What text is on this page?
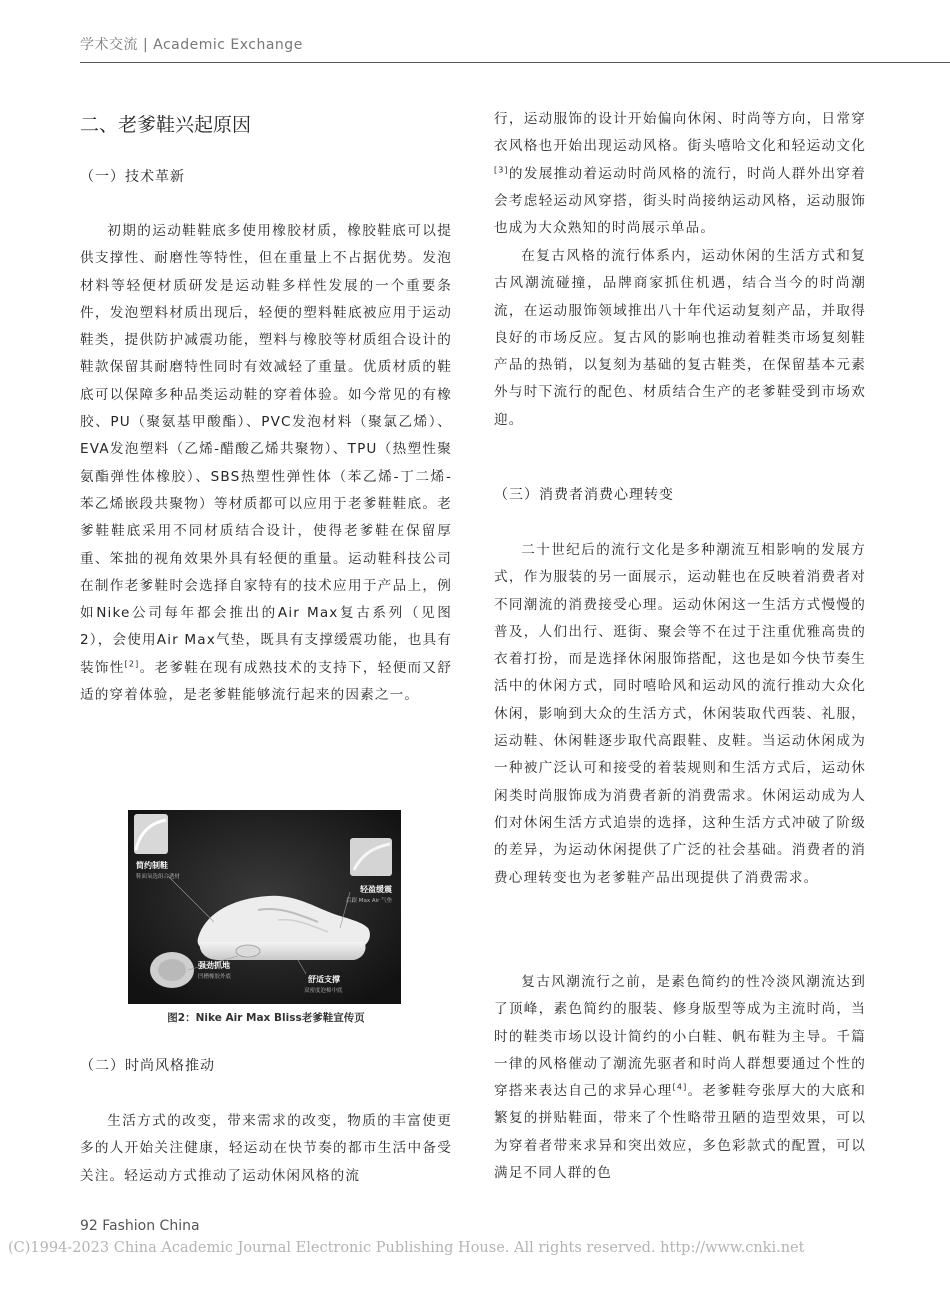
学术交流 | Academic Exchange
二、老爹鞋兴起原因
（一）技术革新

初期的运动鞋鞋底多使用橡胶材质，橡胶鞋底可以提供支撑性、耐磨性等特性，但在重量上不占据优势。发泡材料等轻便材质研发是运动鞋多样性发展的一个重要条件，发泡塑料材质出现后，轻便的塑料鞋底被应用于运动鞋类，提供防护减震功能，塑料与橡胶等材质组合设计的鞋款保留其耐磨特性同时有效减轻了重量。优质材质的鞋底可以保障多种品类运动鞋的穿着体验。如今常见的有橡胶、PU（聚氨基甲酸酯）、PVC发泡材料（聚氯乙烯）、EVA发泡塑料（乙烯-醋酸乙烯共聚物）、TPU（热塑性聚氨酯弹性体橡胶）、SBS热塑性弹性体（苯乙烯-丁二烯-苯乙烯嵌段共聚物）等材质都可以应用于老爹鞋鞋底。老爹鞋鞋底采用不同材质结合设计，使得老爹鞋在保留厚重、笨拙的视角效果外具有轻便的重量。运动鞋科技公司在制作老爹鞋时会选择自家特有的技术应用于产品上，例如Nike公司每年都会推出的Air Max复古系列（见图2），会使用Air Max气垫，既具有支撑缓震功能，也具有装饰性[2]。老爹鞋在现有成熟技术的支持下，轻便而又舒适的穿着体验，是老爹鞋能够流行起来的因素之一。

简约制鞋
鞋面氧选组合透材
轻盈缓震
后跟 Max Air 气垫
强劲抓地
凹槽橡胶外底	舒适支撑
双密度泡棉中底
图2：Nike Air Max Bliss老爹鞋宣传页
（二）时尚风格推动

生活方式的改变，带来需求的改变，物质的丰富使更多的人开始关注健康，轻运动在快节奏的都市生活中备受关注。轻运动方式推动了运动休闲风格的流

行，运动服饰的设计开始偏向休闲、时尚等方向，日常穿衣风格也开始出现运动风格。街头嘻哈文化和轻运动文化[3]的发展推动着运动时尚风格的流行，时尚人群外出穿着会考虑轻运动风穿搭，街头时尚接纳运动风格，运动服饰也成为大众熟知的时尚展示单品。

在复古风格的流行体系内，运动休闲的生活方式和复古风潮流碰撞，品牌商家抓住机遇，结合当今的时尚潮流，在运动服饰领域推出八十年代运动复刻产品，并取得良好的市场反应。复古风的影响也推动着鞋类市场复刻鞋产品的热销，以复刻为基础的复古鞋类，在保留基本元素外与时下流行的配色、材质结合生产的老爹鞋受到市场欢迎。

（三）消费者消费心理转变

二十世纪后的流行文化是多种潮流互相影响的发展方式，作为服装的另一面展示，运动鞋也在反映着消费者对不同潮流的消费接受心理。运动休闲这一生活方式慢慢的普及，人们出行、逛街、聚会等不在过于注重优雅高贵的衣着打扮，而是选择休闲服饰搭配，这也是如今快节奏生活中的休闲方式，同时嘻哈风和运动风的流行推动大众化休闲，影响到大众的生活方式，休闲装取代西装、礼服，运动鞋、休闲鞋逐步取代高跟鞋、皮鞋。当运动休闲成为一种被广泛认可和接受的着装规则和生活方式后，运动休闲类时尚服饰成为消费者新的消费需求。休闲运动成为人们对休闲生活方式追崇的选择，这种生活方式冲破了阶级的差异，为运动休闲提供了广泛的社会基础。消费者的消费心理转变也为老爹鞋产品出现提供了消费需求。

复古风潮流行之前，是素色简约的性冷淡风潮流达到了顶峰，素色简约的服装、修身版型等成为主流时尚，当时的鞋类市场以设计简约的小白鞋、帆布鞋为主导。千篇一律的风格催动了潮流先驱者和时尚人群想要通过个性的穿搭来表达自己的求异心理[4]。老爹鞋夸张厚大的大底和繁复的拼贴鞋面，带来了个性略带丑陋的造型效果，可以为穿着者带来求异和突出效应，多色彩款式的配置，可以满足不同人群的色

92 Fashion China
(C)1994-2023 China Academic Journal Electronic Publishing House. All rights reserved. http://www.cnki.net
